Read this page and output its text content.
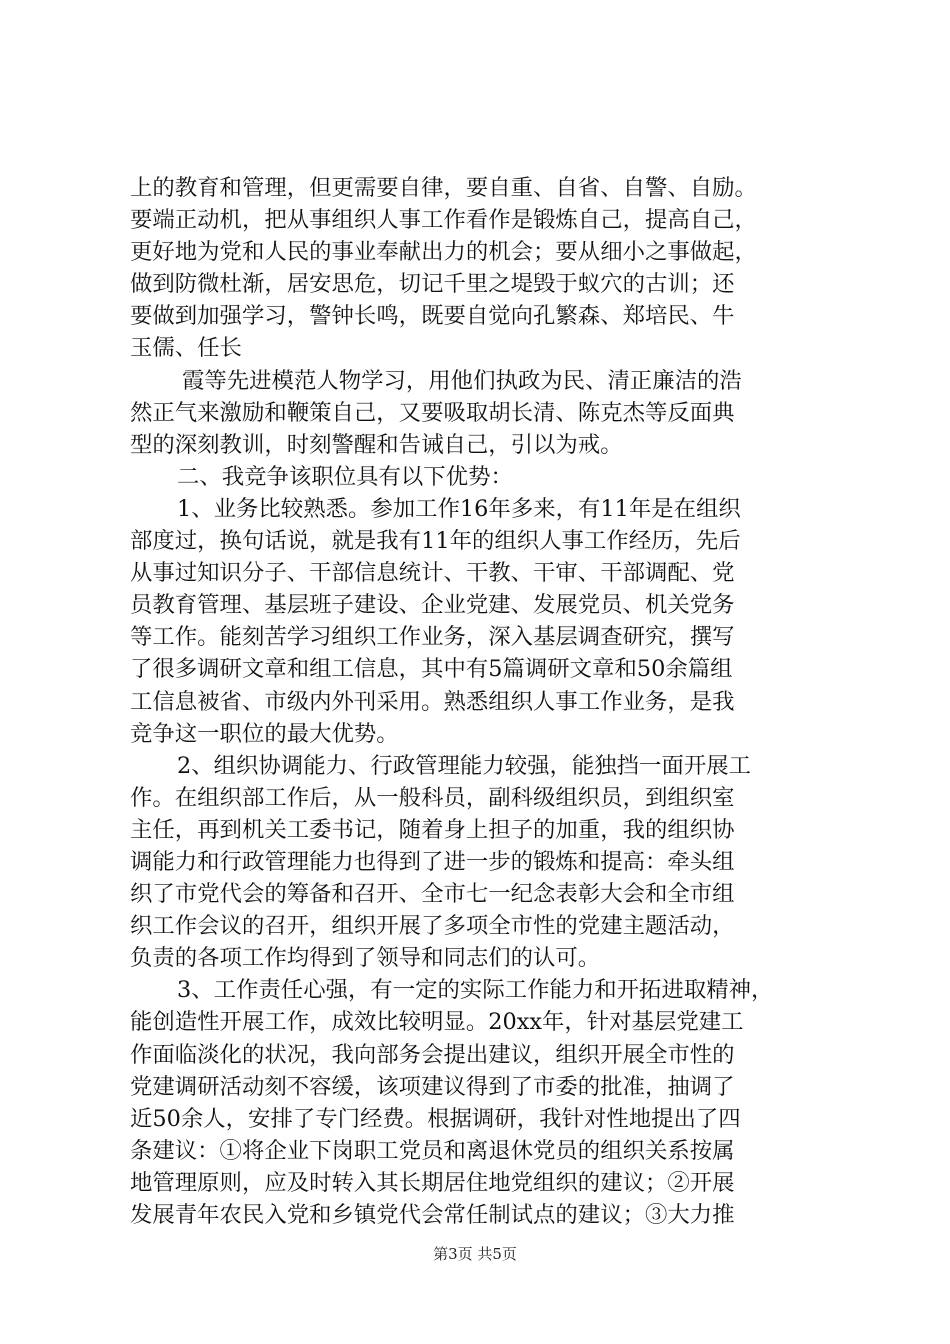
上的教育和管理，但更需要自律，要自重、自省、自警、自励。
要端正动机，把从事组织人事工作看作是锻炼自己，提高自己，
更好地为党和人民的事业奉献出力的机会；要从细小之事做起，
做到防微杜渐，居安思危，切记千里之堤毁于蚁穴的古训；还
要做到加强学习，警钟长鸣，既要自觉向孔繁森、郑培民、牛
玉儒、任长
霞等先进模范人物学习，用他们执政为民、清正廉洁的浩
然正气来激励和鞭策自己，又要吸取胡长清、陈克杰等反面典
型的深刻教训，时刻警醒和告诫自己，引以为戒。
二、我竞争该职位具有以下优势：
1、业务比较熟悉。参加工作16年多来，有11年是在组织
部度过，换句话说，就是我有11年的组织人事工作经历，先后
从事过知识分子、干部信息统计、干教、干审、干部调配、党
员教育管理、基层班子建设、企业党建、发展党员、机关党务
等工作。能刻苦学习组织工作业务，深入基层调查研究，撰写
了很多调研文章和组工信息，其中有5篇调研文章和50余篇组
工信息被省、市级内外刊采用。熟悉组织人事工作业务，是我
竞争这一职位的最大优势。
2、组织协调能力、行政管理能力较强，能独挡一面开展工
作。在组织部工作后，从一般科员，副科级组织员，到组织室
主任，再到机关工委书记，随着身上担子的加重，我的组织协
调能力和行政管理能力也得到了进一步的锻炼和提高：牵头组
织了市党代会的筹备和召开、全市七一纪念表彰大会和全市组
织工作会议的召开，组织开展了多项全市性的党建主题活动，
负责的各项工作均得到了领导和同志们的认可。
3、工作责任心强，有一定的实际工作能力和开拓进取精神，
能创造性开展工作，成效比较明显。20xx年，针对基层党建工
作面临淡化的状况，我向部务会提出建议，组织开展全市性的
党建调研活动刻不容缓，该项建议得到了市委的批准，抽调了
近50余人，安排了专门经费。根据调研，我针对性地提出了四
条建议：①将企业下岗职工党员和离退休党员的组织关系按属
地管理原则，应及时转入其长期居住地党组织的建议；②开展
发展青年农民入党和乡镇党代会常任制试点的建议；③大力推
第3页 共5页
